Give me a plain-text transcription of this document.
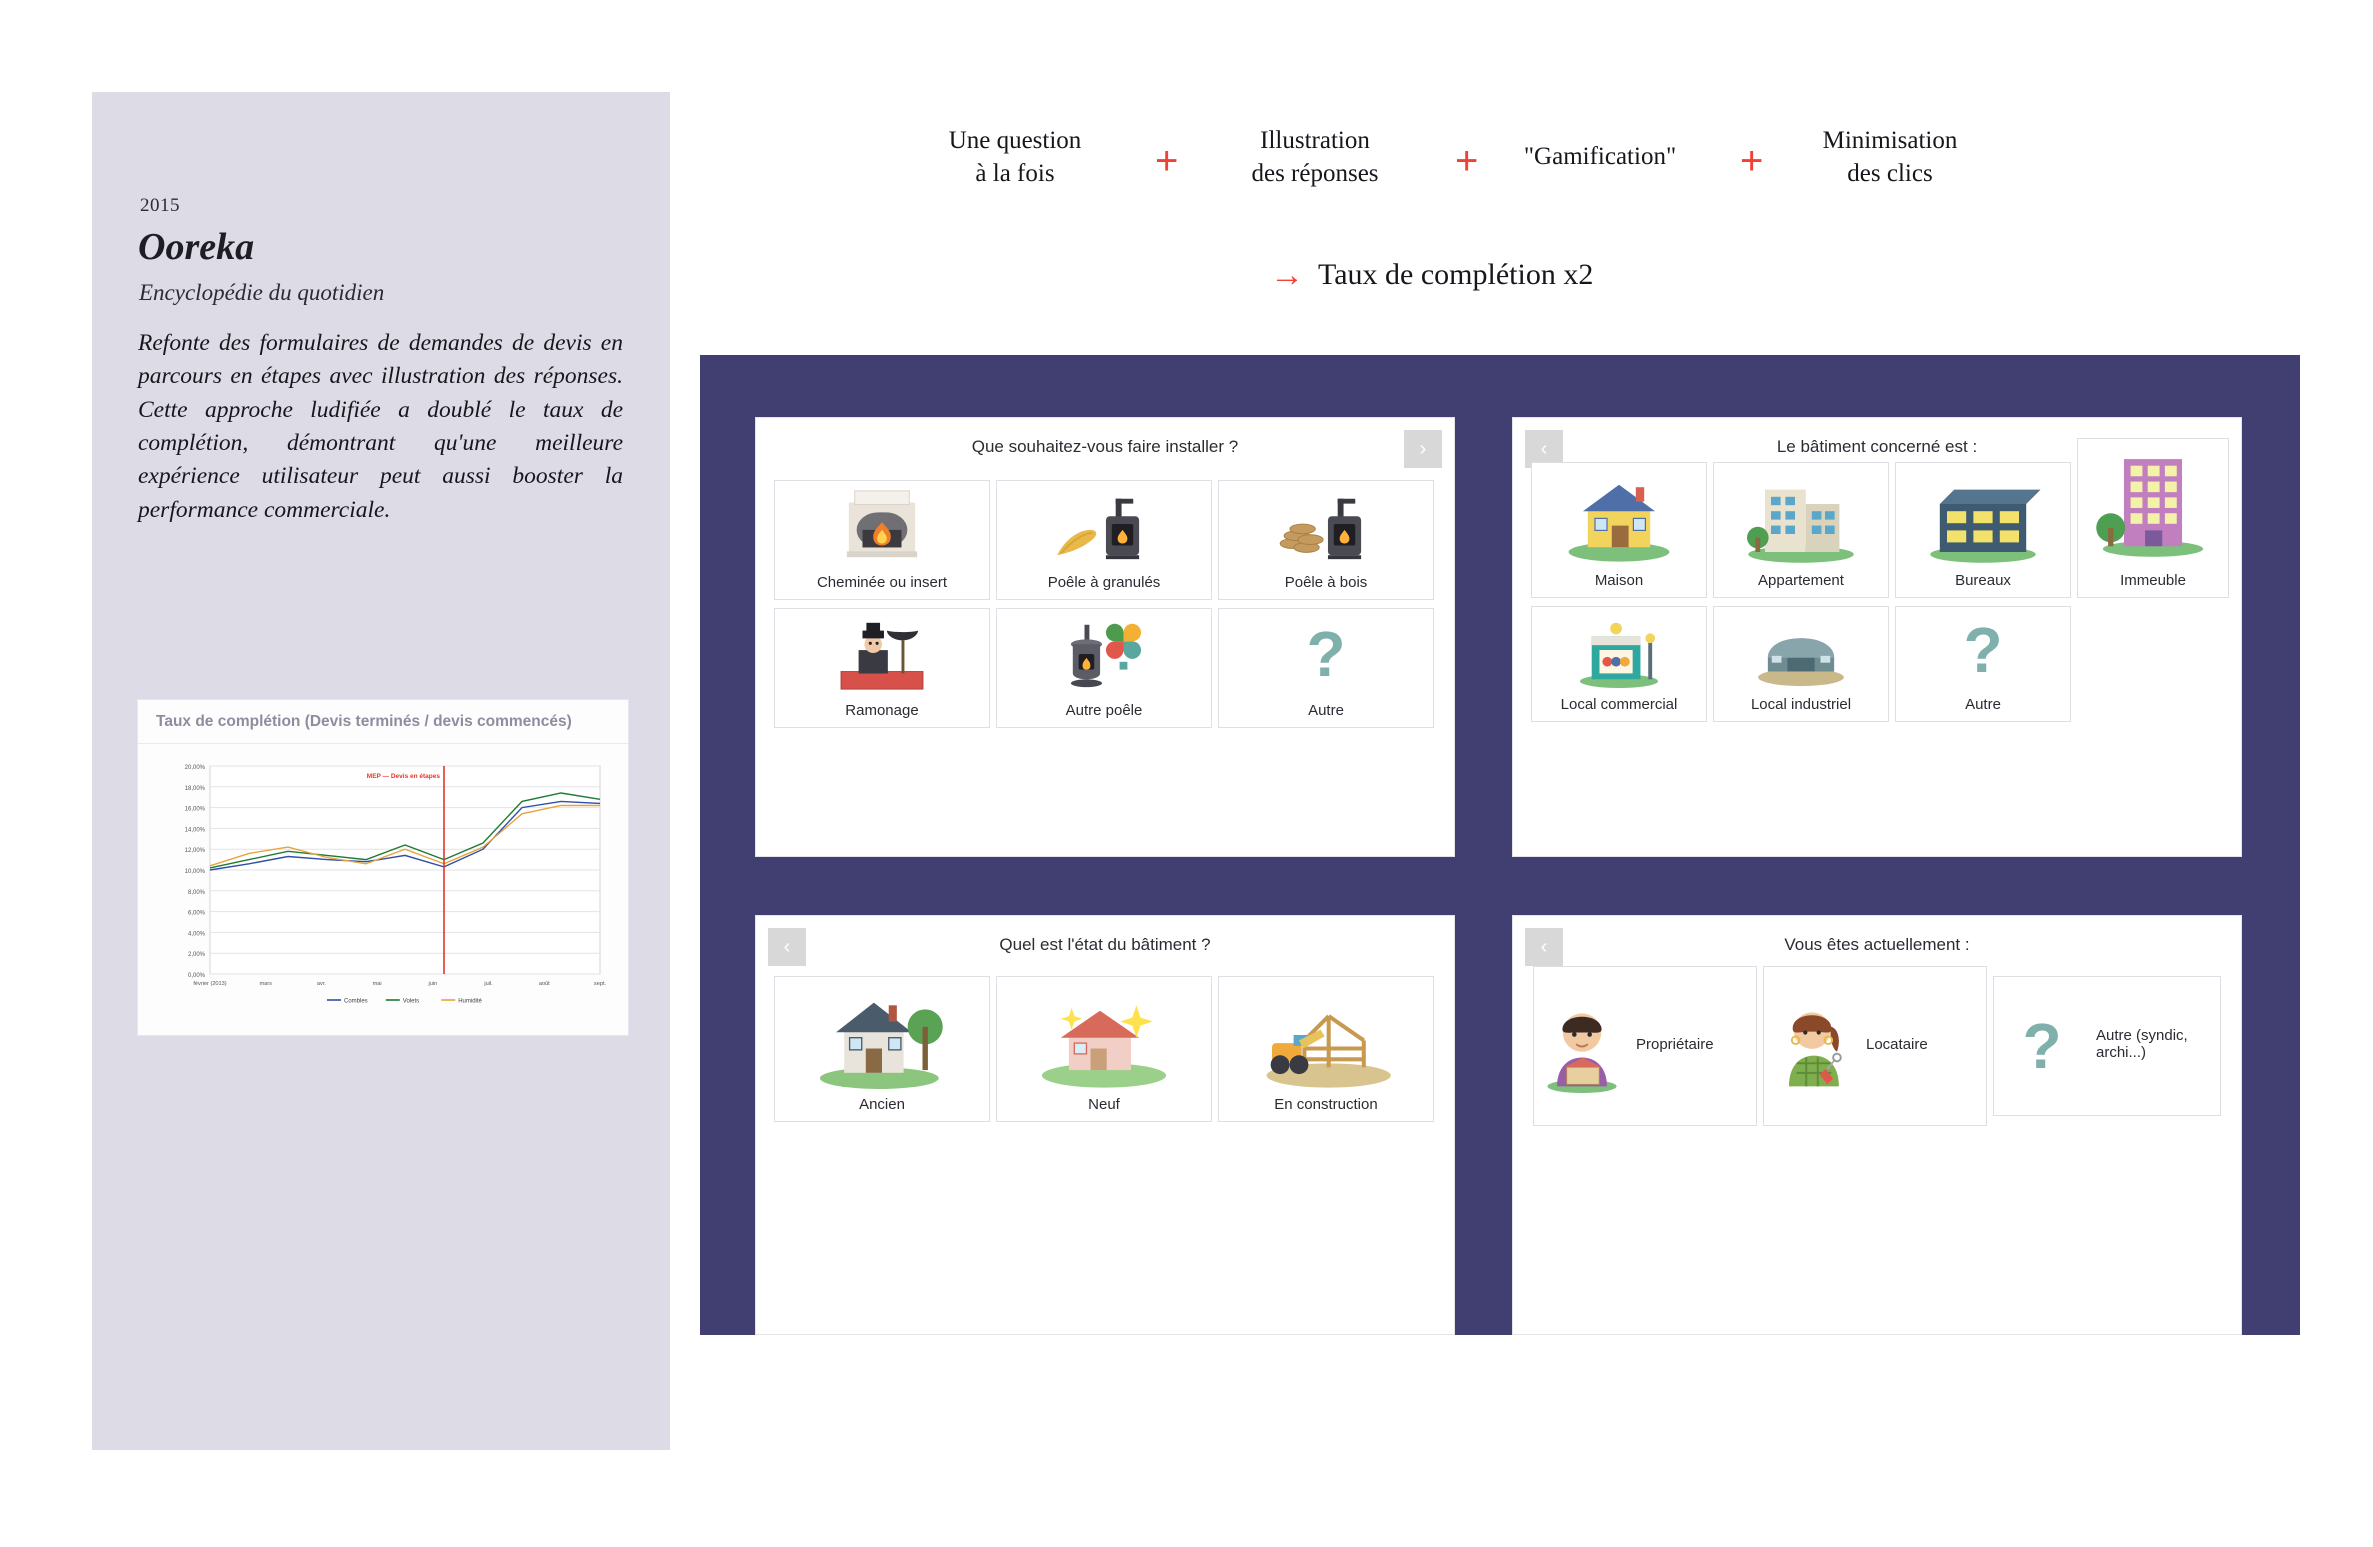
2015
Ooreka
Encyclopédie du quotidien
Refonte des formulaires de demandes de devis en parcours en étapes avec illustration des réponses. Cette approche ludifiée a doublé le taux de complétion, démontrant qu'une meilleure expérience utilisateur peut aussi booster la performance commerciale.
Taux de complétion (Devis terminés / devis commencés)
20,00%
18,00%
16,00%
14,00%
12,00%
10,00%
8,00%
6,00%
4,00%
2,00%
0,00%
MEP — Devis en étapes
février (2013)	mars	avr.	mai	juin	juil.	août	sept.
Combles	Volets	Humidité
Une question
à la fois	+	Illustration
des réponses	+	"Gamification"	+	Minimisation
des clics
→ Taux de complétion x2
Que souhaitez-vous faire installer ?	›
Cheminée ou insert	Poêle à granulés	Poêle à bois
Ramonage	Autre poêle
?
Autre
‹	Le bâtiment concerné est :
Maison	Appartement	Bureaux	Immeuble
Local commercial	Local industriel
?
Autre
‹	Quel est l'état du bâtiment ?
Ancien	Neuf	En construction
‹	Vous êtes actuellement :
Propriétaire	Locataire ?	Autre (syndic, archi...)
